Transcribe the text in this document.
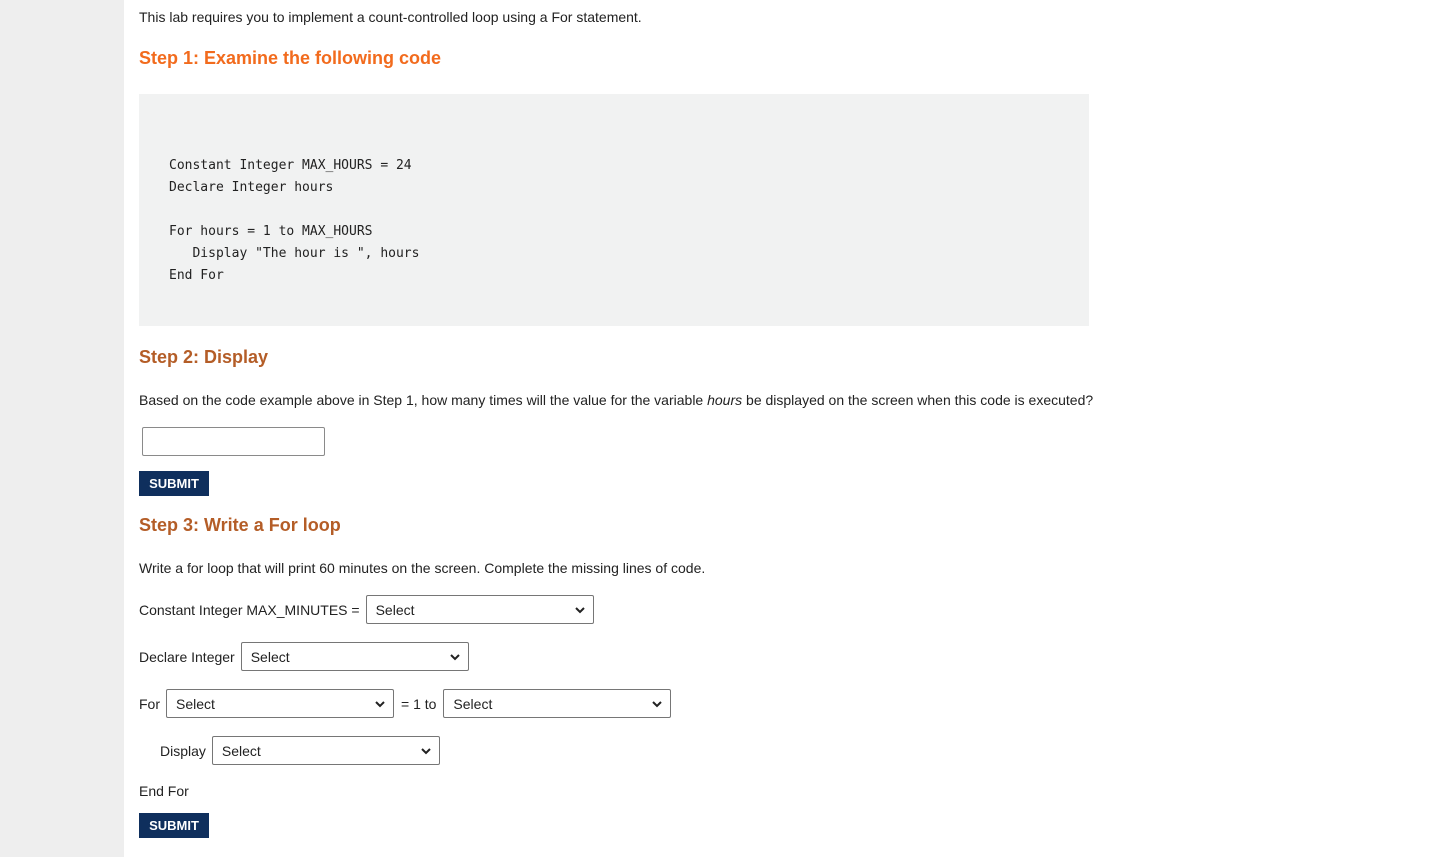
This lab requires you to implement a count-controlled loop using a For statement.
Step 1: Examine the following code
Constant Integer MAX_HOURS = 24
Declare Integer hours
For hours = 1 to MAX_HOURS
Display "The hour is ", hours
End For
Step 2: Display
Based on the code example above in Step 1, how many times will the value for the variable hours be displayed on the screen when this code is executed?
SUBMIT
Step 3: Write a For loop
Write a for loop that will print 60 minutes on the screen. Complete the missing lines of code.
Constant Integer MAX_MINUTES = Select
Declare Integer Select
For Select	= 1 to Select
Display Select
End For
SUBMIT
